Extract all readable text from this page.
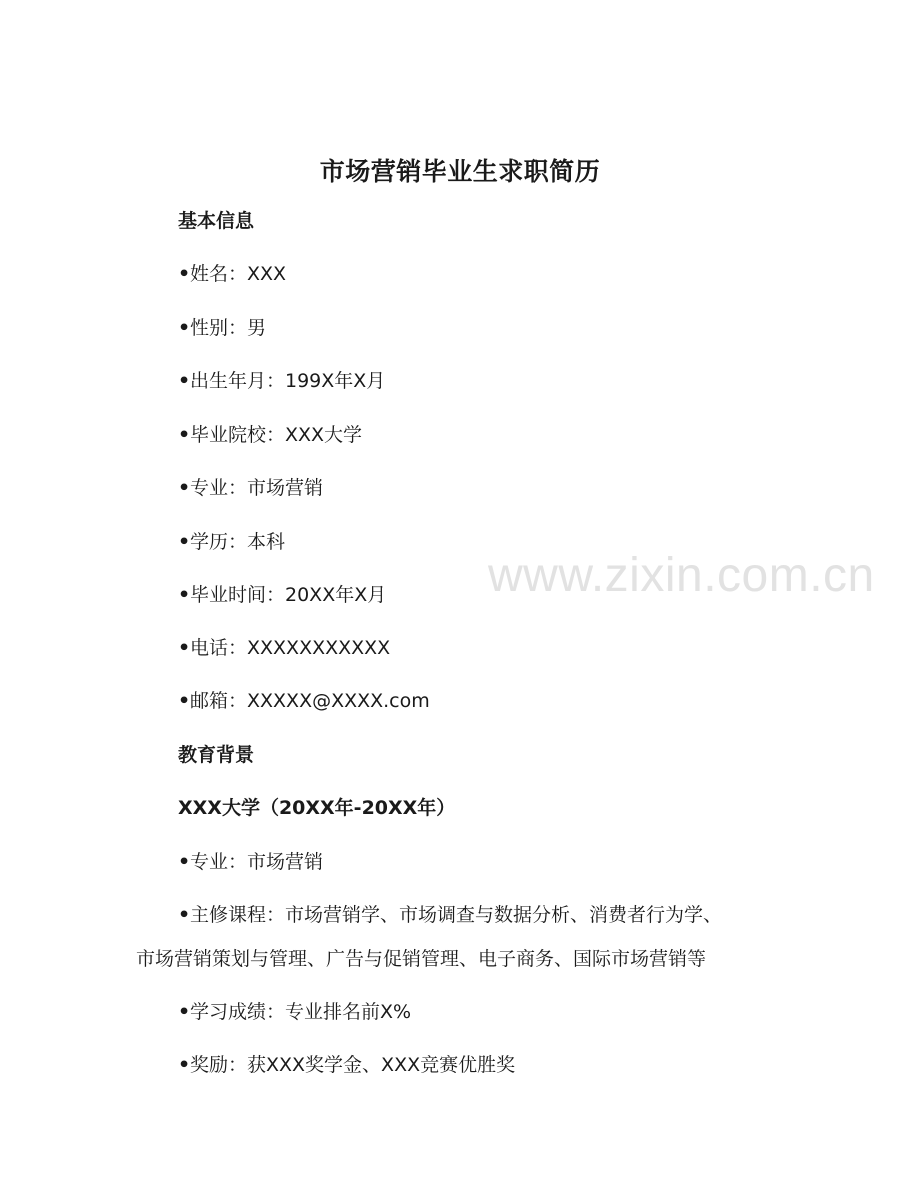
市场营销毕业生求职简历
基本信息
•姓名：XXX
•性别：男
•出生年月：199X年X月
•毕业院校：XXX大学
•专业：市场营销
•学历：本科
•毕业时间：20XX年X月
•电话：XXXXXXXXXXX
•邮箱：XXXXX@XXXX.com
教育背景
XXX大学（20XX年-20XX年）
•专业：市场营销
•主修课程：市场营销学、市场调查与数据分析、消费者行为学、
市场营销策划与管理、广告与促销管理、电子商务、国际市场营销等
•学习成绩：专业排名前X%
•奖励：获XXX奖学金、XXX竞赛优胜奖
www.zixin.com.cn
